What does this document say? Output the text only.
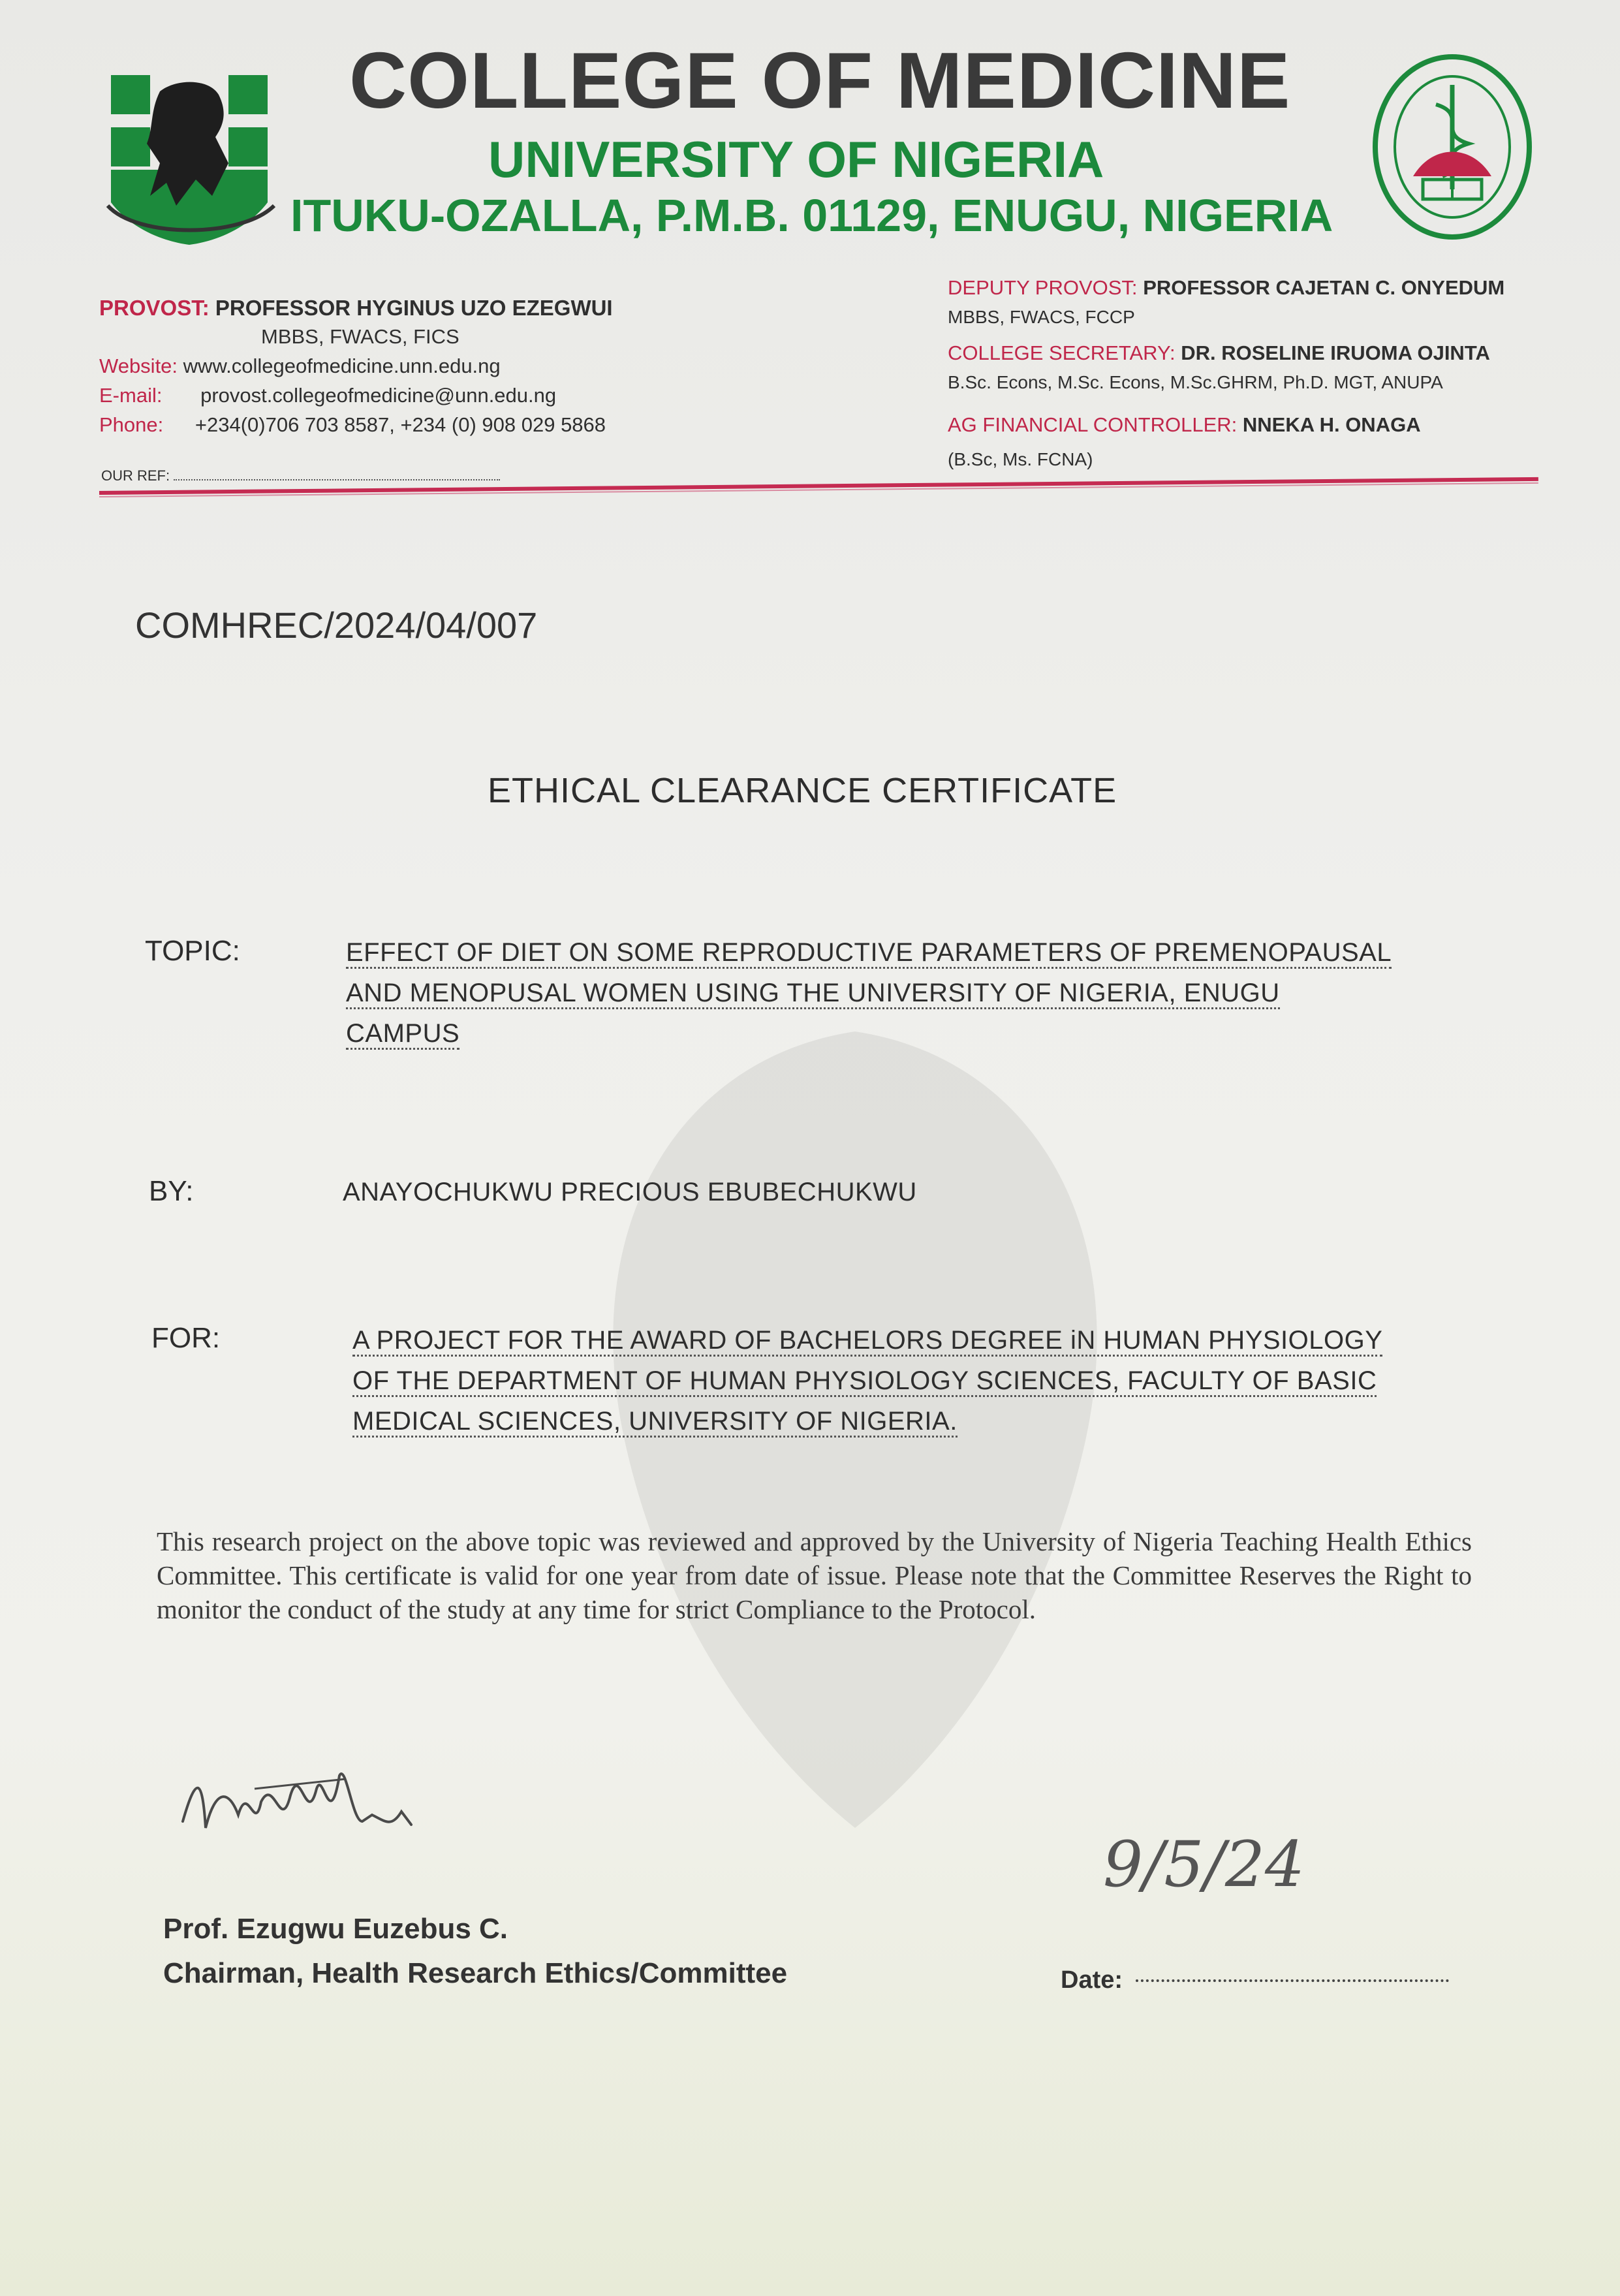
COLLEGE OF MEDICINE
UNIVERSITY OF NIGERIA
ITUKU-OZALLA, P.M.B. 01129, ENUGU, NIGERIA
PROVOST: PROFESSOR HYGINUS UZO EZEGWUI
MBBS, FWACS, FICS
Website: www.collegeofmedicine.unn.edu.ng
E-mail: provost.collegeofmedicine@unn.edu.ng
Phone: +234(0)706 703 8587, +234 (0) 908 029 5868
OUR REF:
DEPUTY PROVOST: PROFESSOR CAJETAN C. ONYEDUM
MBBS, FWACS, FCCP
COLLEGE SECRETARY: DR. ROSELINE IRUOMA OJINTA
B.Sc. Econs, M.Sc. Econs, M.Sc.GHRM, Ph.D. MGT, ANUPA
AG FINANCIAL CONTROLLER: NNEKA H. ONAGA
(B.Sc, Ms. FCNA)
COMHREC/2024/04/007
ETHICAL CLEARANCE CERTIFICATE
TOPIC:	EFFECT OF DIET ON SOME REPRODUCTIVE PARAMETERS OF PREMENOPAUSAL
AND MENOPUSAL WOMEN USING THE UNIVERSITY OF NIGERIA, ENUGU
CAMPUS
BY:	ANAYOCHUKWU PRECIOUS EBUBECHUKWU
FOR:	A PROJECT FOR THE AWARD OF BACHELORS DEGREE iN HUMAN PHYSIOLOGY
OF THE DEPARTMENT OF HUMAN PHYSIOLOGY SCIENCES, FACULTY OF BASIC
MEDICAL SCIENCES, UNIVERSITY OF NIGERIA.
This research project on the above topic was reviewed and approved by the University of Nigeria Teaching Health Ethics Committee. This certificate is valid for one year from date of issue. Please note that the Committee Reserves the Right to monitor the conduct of the study at any time for strict Compliance to the Protocol.
9/5/24
Prof. Ezugwu Euzebus C.
Chairman, Health Research Ethics/Committee	Date:
